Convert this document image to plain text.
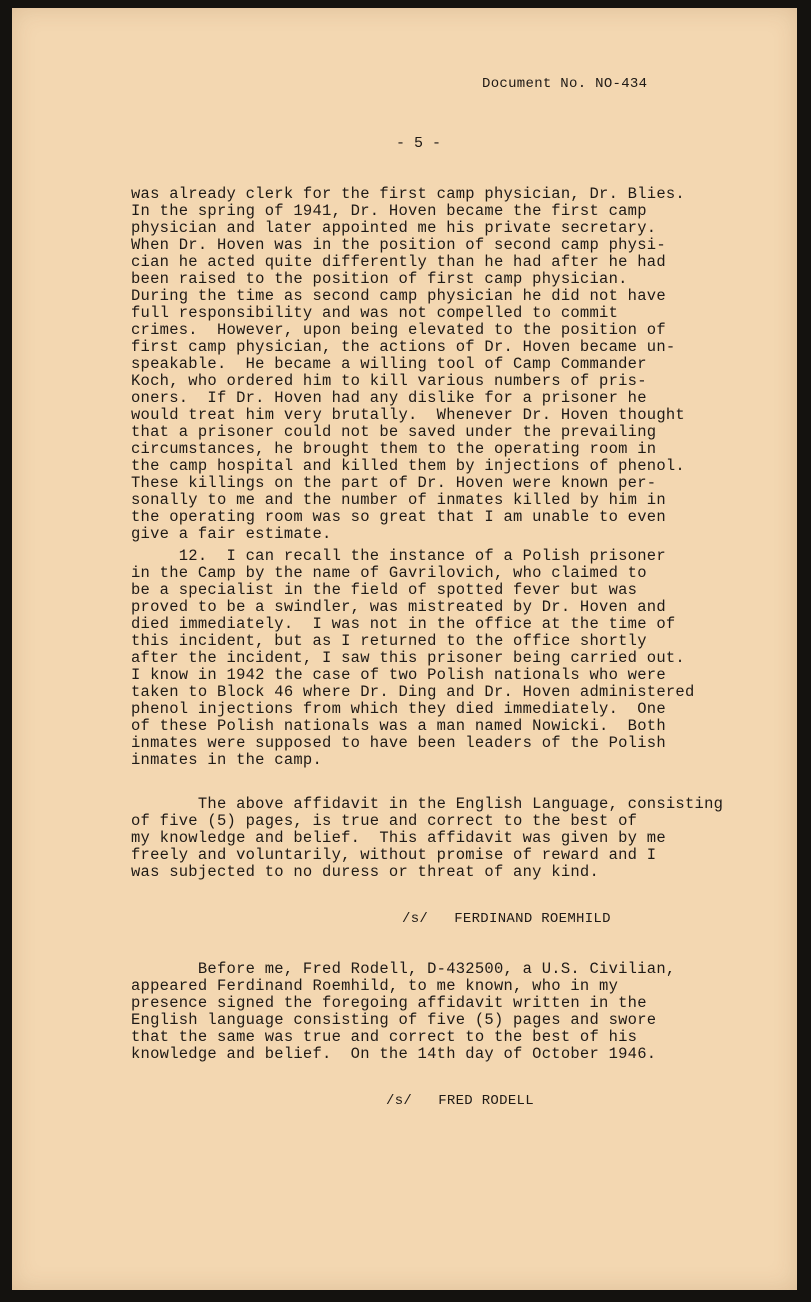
Document No. NO-434
- 5 -
was already clerk for the first camp physician, Dr. Blies.
In the spring of 1941, Dr. Hoven became the first camp
physician and later appointed me his private secretary.
When Dr. Hoven was in the position of second camp physi-
cian he acted quite differently than he had after he had
been raised to the position of first camp physician.
During the time as second camp physician he did not have
full responsibility and was not compelled to commit
crimes.  However, upon being elevated to the position of
first camp physician, the actions of Dr. Hoven became un-
speakable.  He became a willing tool of Camp Commander
Koch, who ordered him to kill various numbers of pris-
oners.  If Dr. Hoven had any dislike for a prisoner he
would treat him very brutally.  Whenever Dr. Hoven thought
that a prisoner could not be saved under the prevailing
circumstances, he brought them to the operating room in
the camp hospital and killed them by injections of phenol.
These killings on the part of Dr. Hoven were known per-
sonally to me and the number of inmates killed by him in
the operating room was so great that I am unable to even
give a fair estimate.
12.  I can recall the instance of a Polish prisoner
in the Camp by the name of Gavrilovich, who claimed to
be a specialist in the field of spotted fever but was
proved to be a swindler, was mistreated by Dr. Hoven and
died immediately.  I was not in the office at the time of
this incident, but as I returned to the office shortly
after the incident, I saw this prisoner being carried out.
I know in 1942 the case of two Polish nationals who were
taken to Block 46 where Dr. Ding and Dr. Hoven administered
phenol injections from which they died immediately.  One
of these Polish nationals was a man named Nowicki.  Both
inmates were supposed to have been leaders of the Polish
inmates in the camp.
The above affidavit in the English Language, consisting
of five (5) pages, is true and correct to the best of
my knowledge and belief.  This affidavit was given by me
freely and voluntarily, without promise of reward and I
was subjected to no duress or threat of any kind.
/s/   FERDINAND ROEMHILD
Before me, Fred Rodell, D-432500, a U.S. Civilian,
appeared Ferdinand Roemhild, to me known, who in my
presence signed the foregoing affidavit written in the
English language consisting of five (5) pages and swore
that the same was true and correct to the best of his
knowledge and belief.  On the 14th day of October 1946.
/s/   FRED RODELL
